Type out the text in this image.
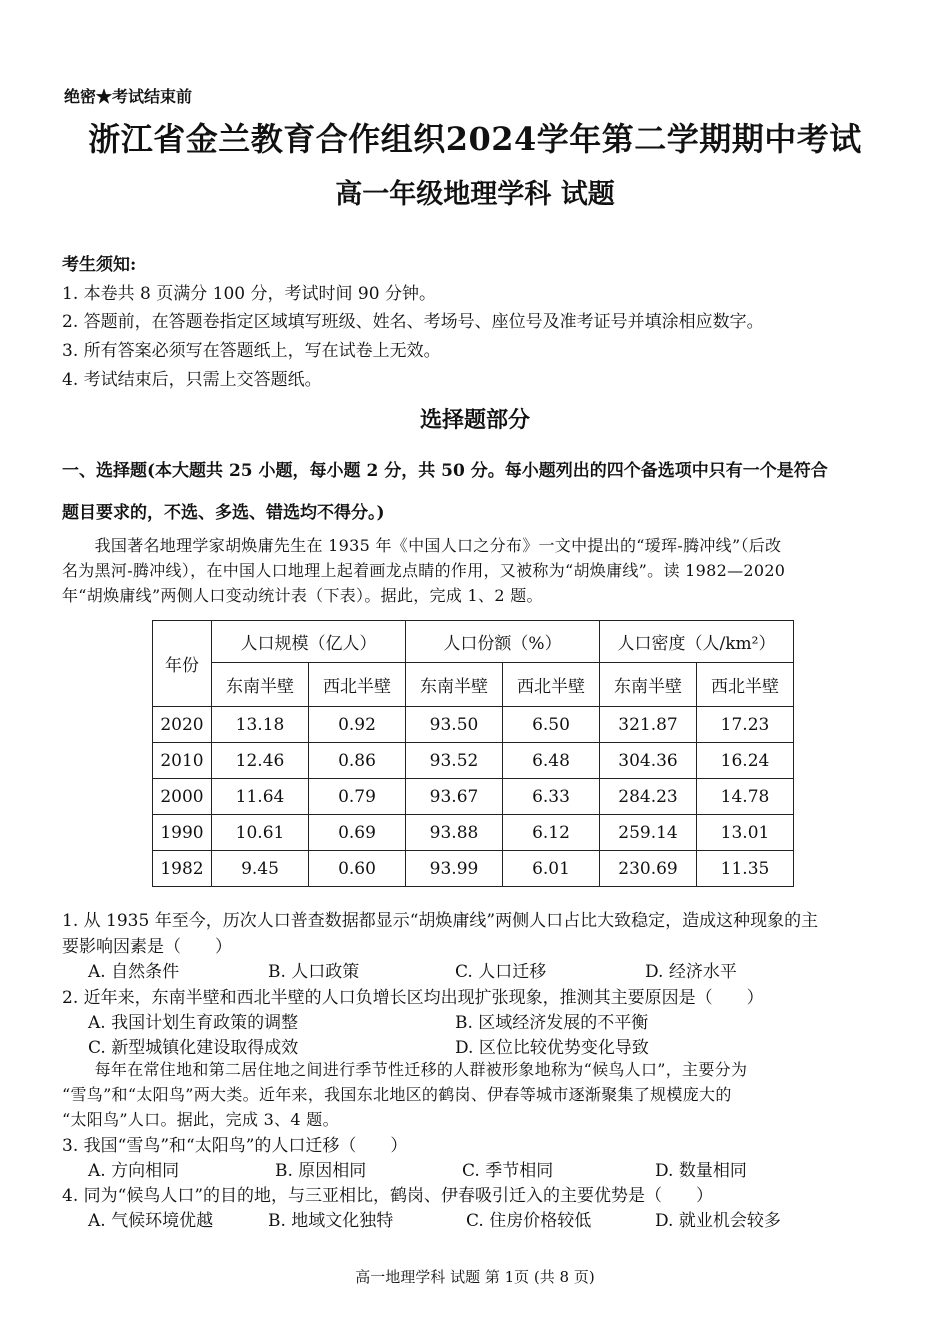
绝密★考试结束前
浙江省金兰教育合作组织2024学年第二学期期中考试
高一年级地理学科 试题
考生须知:
1. 本卷共 8 页满分 100 分，考试时间 90 分钟。
2. 答题前，在答题卷指定区域填写班级、姓名、考场号、座位号及准考证号并填涂相应数字。
3. 所有答案必须写在答题纸上，写在试卷上无效。
4. 考试结束后，只需上交答题纸。
选择题部分
一、选择题(本大题共 25 小题，每小题 2 分，共 50 分。每小题列出的四个备选项中只有一个是符合
题目要求的，不选、多选、错选均不得分。)
　　我国著名地理学家胡焕庸先生在 1935 年《中国人口之分布》一文中提出的“瑷珲-腾冲线”（后改
名为黑河-腾冲线），在中国人口地理上起着画龙点睛的作用，又被称为“胡焕庸线”。读 1982—2020
年“胡焕庸线”两侧人口变动统计表（下表）。据此，完成 1、2 题。
年份	人口规模（亿人）		人口份额（%）		人口密度（人/km²）	
	东南半壁	西北半壁	东南半壁	西北半壁	东南半壁	西北半壁
2020	13.18	0.92	93.50	6.50	321.87	17.23
2010	12.46	0.86	93.52	6.48	304.36	16.24
2000	11.64	0.79	93.67	6.33	284.23	14.78
1990	10.61	0.69	93.88	6.12	259.14	13.01
1982	9.45	0.60	93.99	6.01	230.69	11.35
1. 从 1935 年至今，历次人口普查数据都显示“胡焕庸线”两侧人口占比大致稳定，造成这种现象的主
要影响因素是（　　）
A. 自然条件	B. 人口政策	C. 人口迁移	D. 经济水平
2. 近年来，东南半壁和西北半壁的人口负增长区均出现扩张现象，推测其主要原因是（　　）
A. 我国计划生育政策的调整	B. 区域经济发展的不平衡
C. 新型城镇化建设取得成效	D. 区位比较优势变化导致
　　每年在常住地和第二居住地之间进行季节性迁移的人群被形象地称为“候鸟人口”，主要分为
“雪鸟”和“太阳鸟”两大类。近年来，我国东北地区的鹤岗、伊春等城市逐渐聚集了规模庞大的
“太阳鸟”人口。据此，完成 3、4 题。
3. 我国“雪鸟”和“太阳鸟”的人口迁移（　　）
A. 方向相同	B. 原因相同	C. 季节相同	D. 数量相同
4. 同为“候鸟人口”的目的地，与三亚相比，鹤岗、伊春吸引迁入的主要优势是（　　）
A. 气候环境优越	B. 地域文化独特	C. 住房价格较低	D. 就业机会较多
高一地理学科 试题 第 1页 (共 8 页)
